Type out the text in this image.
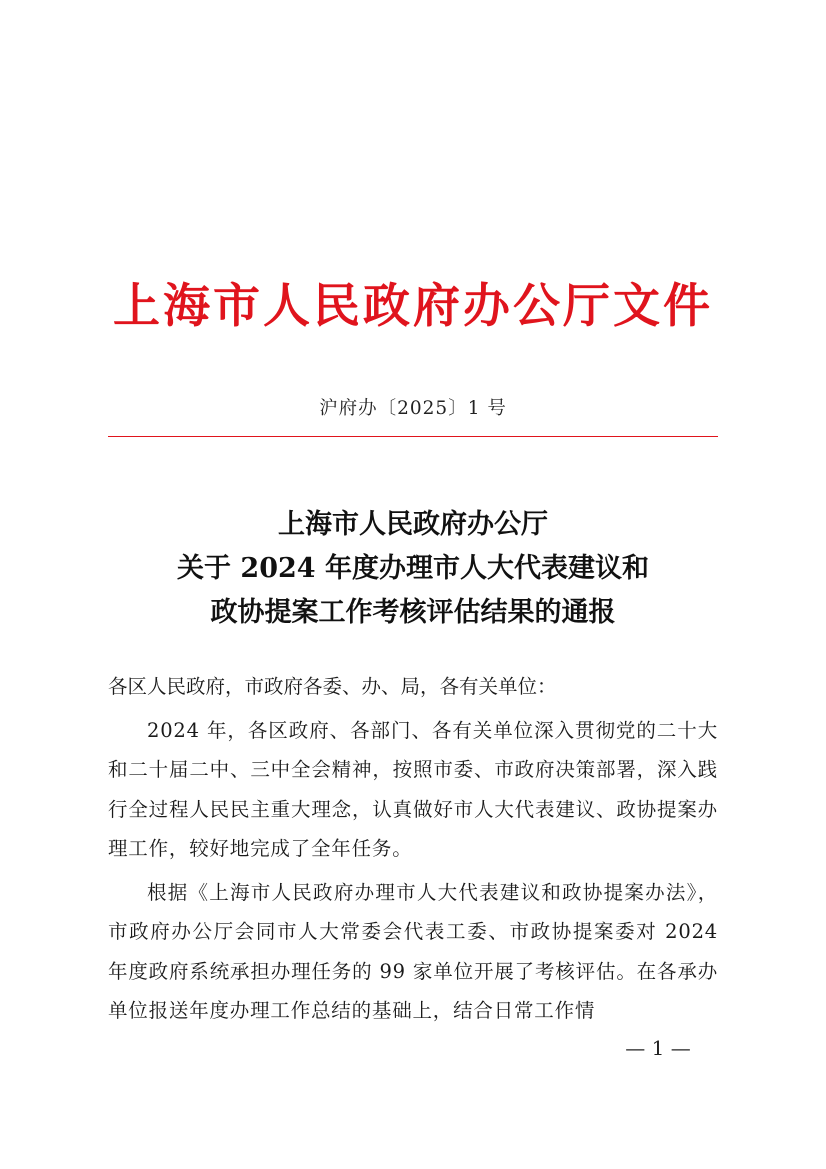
上海市人民政府办公厅文件
沪府办〔2025〕1 号
上海市人民政府办公厅
关于 2024 年度办理市人大代表建议和
政协提案工作考核评估结果的通报

各区人民政府，市政府各委、办、局，各有关单位：

2024 年，各区政府、各部门、各有关单位深入贯彻党的二十大和二十届二中、三中全会精神，按照市委、市政府决策部署，深入践行全过程人民民主重大理念，认真做好市人大代表建议、政协提案办理工作，较好地完成了全年任务。

根据《上海市人民政府办理市人大代表建议和政协提案办法》，市政府办公厅会同市人大常委会代表工委、市政协提案委对 2024 年度政府系统承担办理任务的 99 家单位开展了考核评估。在各承办单位报送年度办理工作总结的基础上，结合日常工作情

— 1 —
